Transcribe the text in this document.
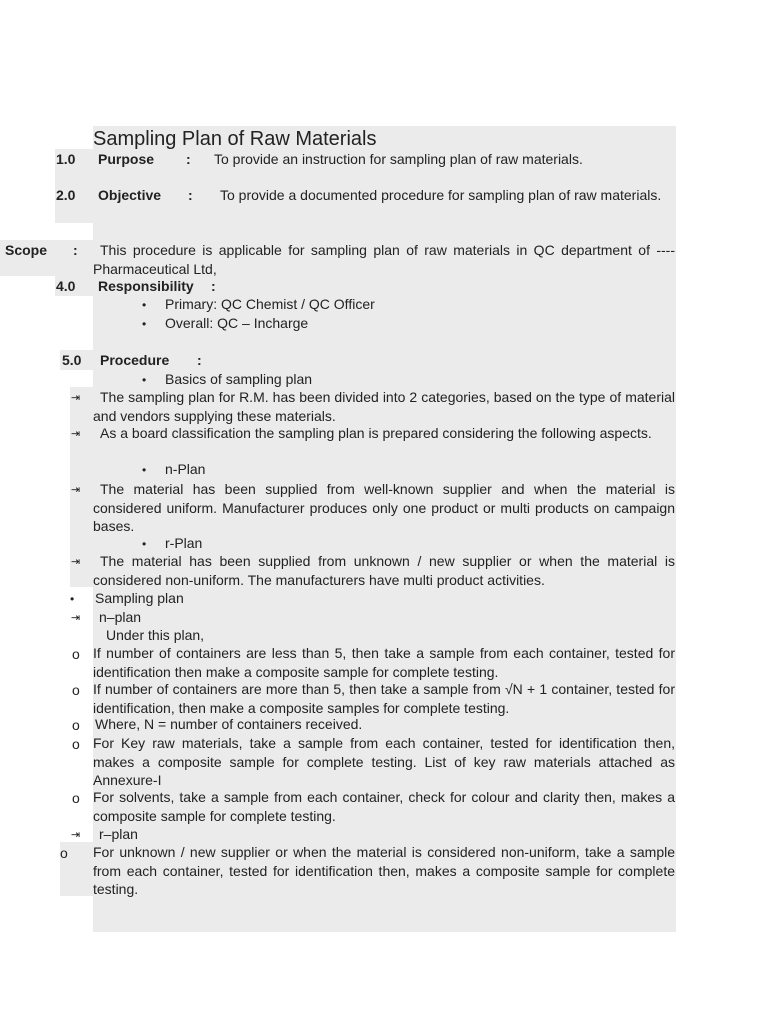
Sampling Plan of Raw Materials
1.0 Purpose : To provide an instruction for sampling plan of raw materials.
2.0 Objective :	To provide a documented procedure for sampling plan of raw materials.
Scope :	This procedure is applicable for sampling plan of raw materials in QC department of ---- Pharmaceutical Ltd,
4.0 Responsibility :
• Primary: QC Chemist / QC Officer
• Overall: QC – Incharge
5.0 Procedure :
• Basics of sampling plan
⇥	The sampling plan for R.M. has been divided into 2 categories, based on the type of material and vendors supplying these materials.
⇥	As a board classification the sampling plan is prepared considering the following aspects.
• n-Plan
⇥	The material has been supplied from well-known supplier and when the material is considered uniform. Manufacturer produces only one product or multi products on campaign bases.
• r-Plan
⇥	The material has been supplied from unknown / new supplier or when the material is considered non-uniform. The manufacturers have multi product activities.
• Sampling plan
⇥ n–plan
Under this plan,
o If number of containers are less than 5, then take a sample from each container, tested for identification then make a composite sample for complete testing.
o If number of containers are more than 5, then take a sample from √N + 1 container, tested for identification, then make a composite samples for complete testing.
o Where, N = number of containers received.
o For Key raw materials, take a sample from each container, tested for identification then, makes a composite sample for complete testing. List of key raw materials attached as Annexure-I
o For solvents, take a sample from each container, check for colour and clarity then, makes a composite sample for complete testing.
⇥ r–plan
o For unknown / new supplier or when the material is considered non-uniform, take a sample from each container, tested for identification then, makes a composite sample for complete testing.
